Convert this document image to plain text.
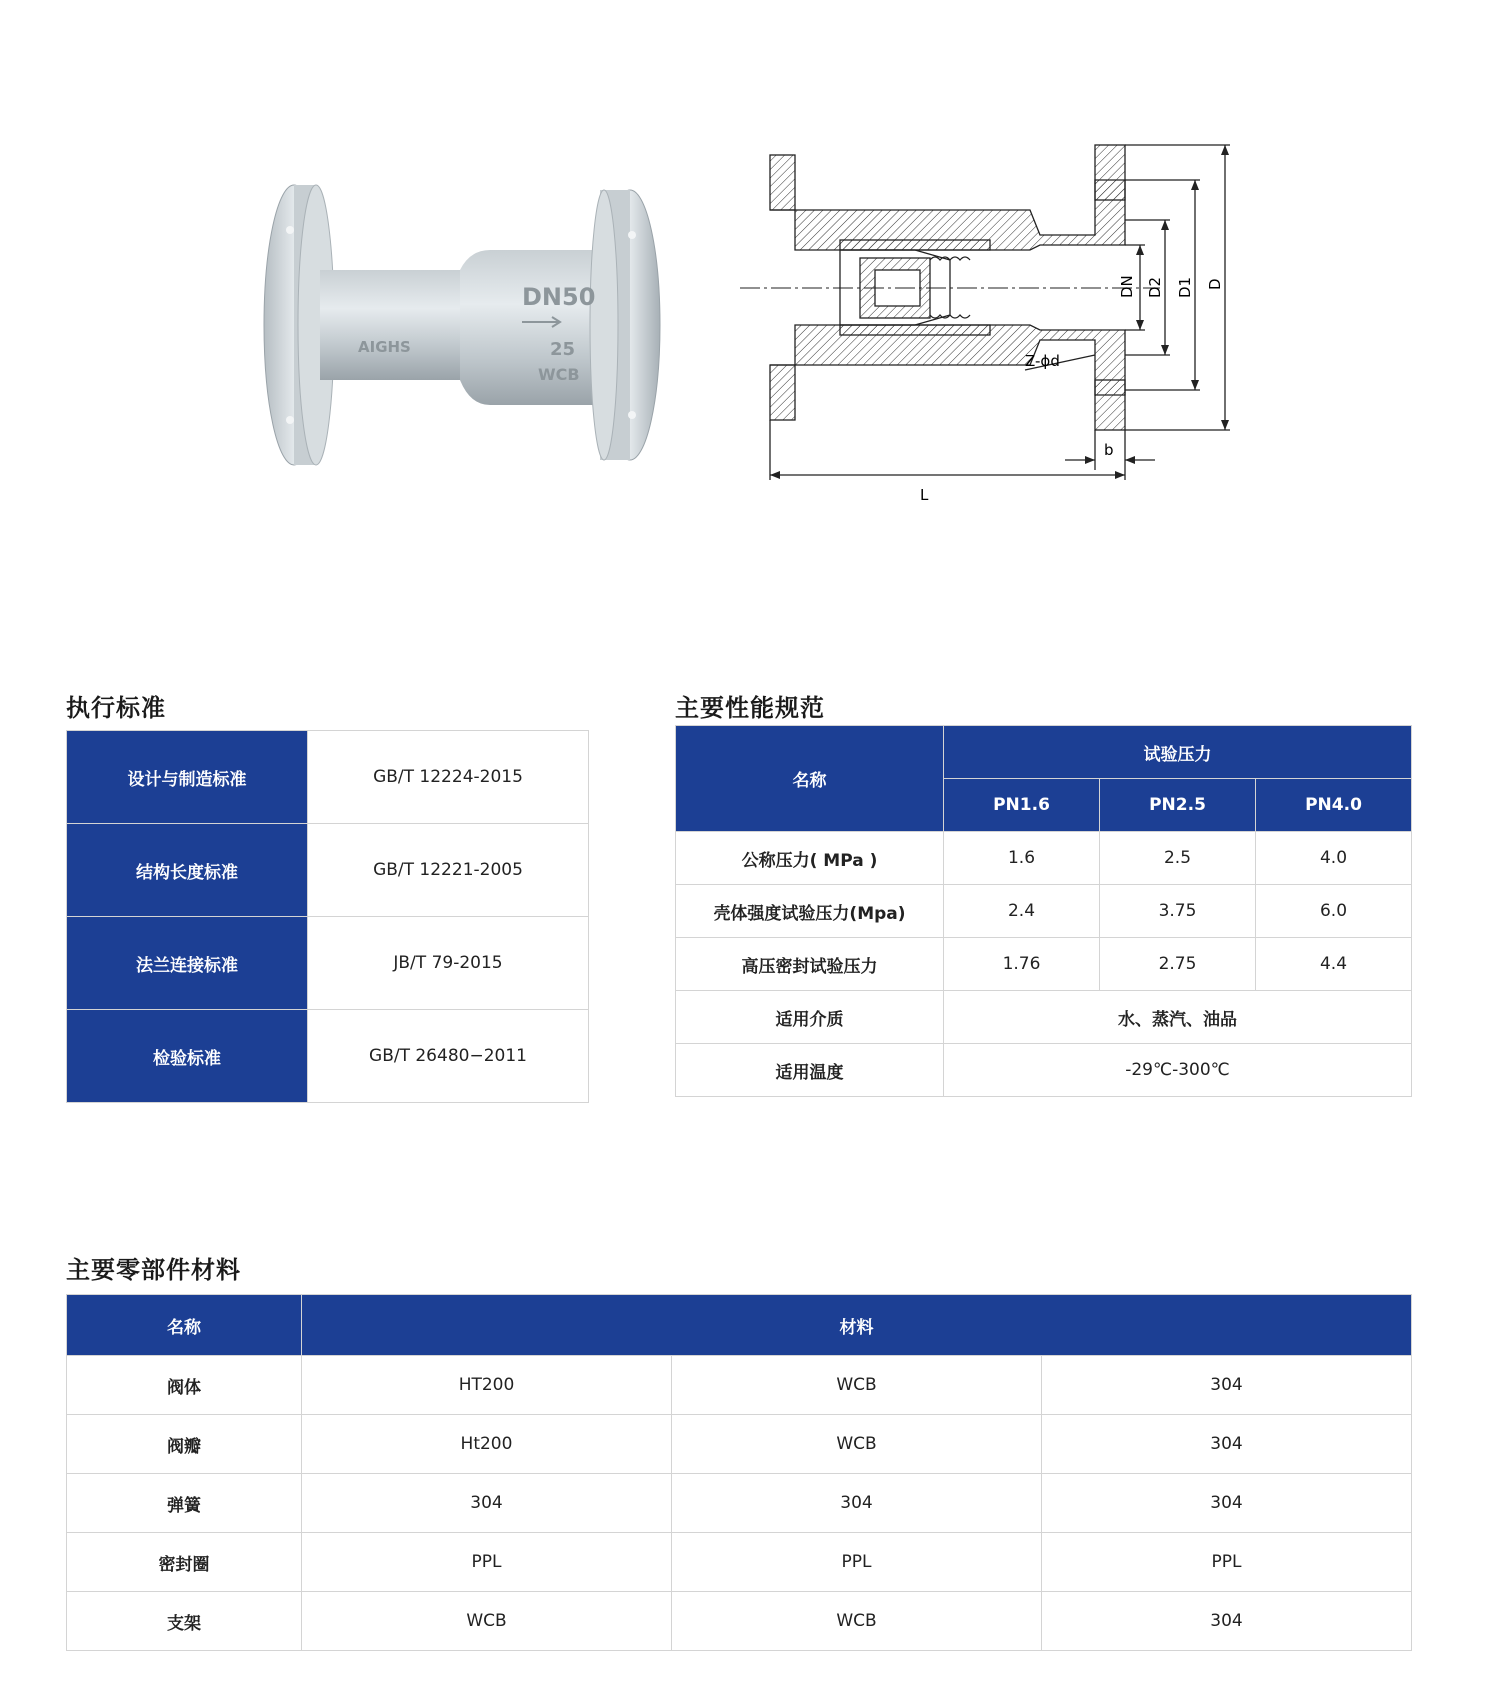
DN50
25
WCB
AIGHS
DN D2 D1 D
Z-ϕd
b
L
执行标准
设计与制造标准	GB/T 12224-2015
结构长度标准	GB/T 12221-2005
法兰连接标准	JB/T 79-2015
检验标准	GB/T 26480−2011
主要性能规范
名称	试验压力		
	PN1.6	PN2.5	PN4.0
公称压力( MPa )	1.6	2.5	4.0
壳体强度试验压力(Mpa)	2.4	3.75	6.0
高压密封试验压力	1.76	2.75	4.4
适用介质	水、蒸汽、油品		
适用温度	-29℃-300℃		
主要零部件材料
名称	材料		
阀体	HT200	WCB	304
阀瓣	Ht200	WCB	304
弹簧	304	304	304
密封圈	PPL	PPL	PPL
支架	WCB	WCB	304
